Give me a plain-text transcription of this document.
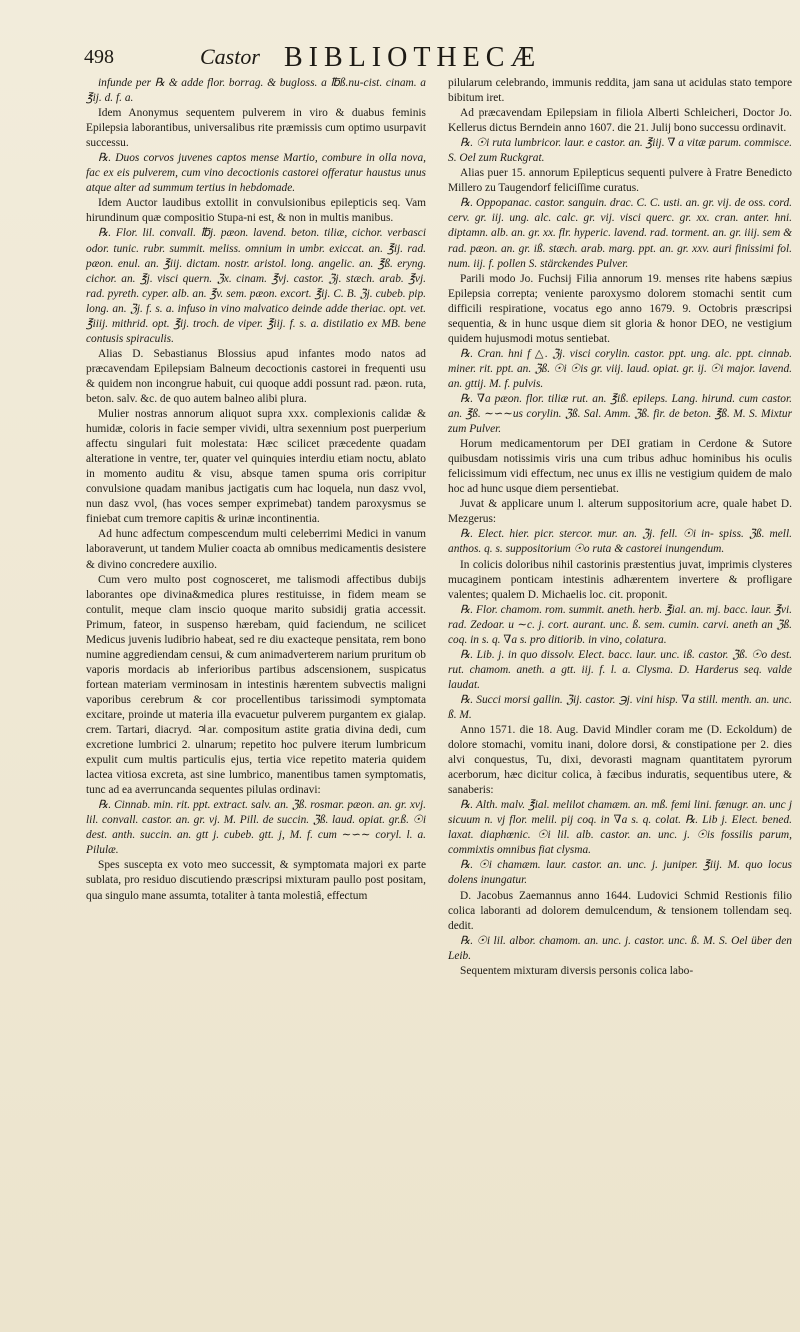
498	Castor BIBLIOTHECÆ

infunde per ℞ & adde flor. borrag. & bugloss. a ℔ß.nu-cist. cinam. a ℥ij. d. f. a.

Idem Anonymus sequentem pulverem in viro & duabus feminis Epilepsia laborantibus, universalibus rite præmissis cum optimo usurpavit successu.

℞. Duos corvos juvenes captos mense Martio, comburе in olla nova, fac ex eis pulverem, cum vino decoctionis castorei offeratur haustus unus atque alter ad summum tertius in hebdomade.

Idem Auctor laudibus extollit in convulsionibus epilepticis seq. Vam hirundinum quæ compositio Stupa-ni est, & non in multis manibus.

℞. Flor. lil. convall. ℔j. pæon. lavend. beton. tiliæ, cichor. verbasci odor. tunic. rubr. summit. meliss. omnium in umbr. exiccat. an. ℥ij. rad. pæon. enul. an. ℥iij. dictam. nostr. aristol. long. angelic. an. ℥ß. eryng. cichor. an. ℥j. visci quern. ℨx. cinam. ℥vj. castor. ℨj. stæch. arab. ℥vj. rad. pyreth. cyper. alb. an. ℥v. sem. pæon. excort. ℥ij. C. B. ℨj. cubeb. pip. long. an. ℨj. f. s. a. infuso in vino malvatico deinde adde theriac. opt. vet. ℥iiij. mithrid. opt. ℥ij. troch. de viper. ℥iij. f. s. a. distilatio ex MB. bene contusis spiraculis.

Alias D. Sebastianus Blossius apud infantes modo natos ad præcavendam Epilepsiam Balneum decoctionis castorei in frequenti usu & quidem non incongrue habuit, cui quoque addi possunt rad. pæon. ruta, beton. salv. &c. de quo autem balneo alibi plura.

Mulier nostras annorum aliquot supra xxx. complexionis calidæ & humidæ, coloris in facie semper vividi, ultra sexennium post puerperium affectu singulari fuit molestata: Hæc scilicet præcedente quadam alteratione in ventre, ter, quater vel quinquies interdiu etiam noctu, ablato in momento auditu & visu, absque tamen spuma oris corripitur convulsione quadam manibus jactigatis cum hac loquela, nun dasz vvol, nun dasz vvol, (has voces semper exprimebat) tandem paroxysmus se finiebat cum tremore capitis & urinæ incontinentia.

Ad hunc adfectum compescendum multi celeberrimi Medici in vanum laboraverunt, ut tandem Mulier coacta ab omnibus medicamentis desistere & divino concredere auxilio.

Cum vero multo post cognoscеret, me talismodi affectibus dubijs laborantes ope divina&medica plures restituisse, in fidem meam se contulit, meque clam insciо quoque marito subsidij gratia accessit. Primum, fateor, in suspenso hærebam, quid faciendum, ne scilicet Medicus juvenis ludibrio habeat, sed re diu exactеque pensitata, rem bono numine aggrediendam censui, & cum animadverterem narium pruritum ob vaporis mordacis ab inferioribus partibus adscensionem, suspicatus fortean materiam verminosam in intestinis hærentem subvectis maligni vaporibus cerebrum & cor procellentibus tarissimodi symptomata excitare, proinde ut materia illa evacuetur pulverem purgantem ex gialap. crem. Tartari, diacryd. ♃ar. compositum astite gratia divina dedi, cum excretione lumbrici 2. ulnarum; repetito hoc pulvere iterum lumbricum expulit cum multis particulis ejus, tertia vice repetito materia quidem lactea vitiosa excreta, ast sine lumbrico, manentibus tamen symptomatis, tunc ad ea averruncanda sequentes pilulas ordinavi:

℞. Cinnab. min. rit. ppt. extract. salv. an. ℨß. rosmar. pæon. an. gr. xvj. lil. convall. castor. an. gr. vj. M. Pill. de succin. ℨß. laud. opiat. gr.ß. ☉i dest. anth. succin. an. gtt j. cubeb. gtt. j, M. f. cum ∼∽∼ coryl. l. a. Pilulæ.

Spes suscepta ex voto meo successit, & symptomata majori ex parte sublata, pro residuo discutiendo præscripsi mixturam paullo post positam, qua singulo mane assumta, totaliter à tanta molestiâ, effectum

pilularum celebrando, immunis reddita, jam sana ut acidulas stato tempore bibitum iret.

Ad præcavendam Epilepsiam in filiola Alberti Schleicheri, Doctor Jo. Kellerus dictus Berndein anno 1607. die 21. Julij bono successu ordinavit.

℞. ☉i ruta lumbricor. laur. e castor. an. ℥iij. ∇ a vitæ parum. commisce. S. Oel zum Ruckgrat.

Alias puer 15. annorum Epilepticus sequenti pulvere à Fratre Benedicto Millero zu Taugendorf feliciſſime curatus.

℞. Oppopanac. castor. sanguin. drac. C. C. usti. an. gr. vij. de oss. cord. cerv. gr. iij. ung. alc. calc. gr. vij. visci querc. gr. xx. cran. anter. hni. diptamn. alb. an. gr. xx. flr. hyperic. lavend. rad. torment. an. gr. iiij. sem & rad. pæon. an. gr. iß. stæch. arab. marg. ppt. an. gr. xxv. auri finissimi fol. num. iij. f. pollen S. stärckendes Pulver.

Parili modo Jo. Fuchsij Filia annorum 19. menses rite habens sæpius Epilepsia correpta; veniente paroxysmo dolorem stomachi sentit cum difficili respiratione, vocatus ego anno 1679. 9. Octobris præscripsi sequentia, & in hunc usque diem sit gloria & honor DEO, ne vestigium quidem hujusmodi motus sentiebat.

℞. Cran. hni f △. ℨj. visci corylin. castor. ppt. ung. alc. ppt. cinnab. miner. rit. ppt. an. ℨß. ☉i ☉is gr. viij. laud. opiat. gr. ij. ☉i major. lavend. an. gttij. M. f. pulvis.

℞. ∇a pæon. flor. tiliæ rut. an. ℥iß. epileps. Lang. hirund. cum castor. an. ℥ß. ∼∽∼us corylin. ℨß. Sal. Amm. ℨß. fir. de beton. ℥ß. M. S. Mixtur zum Pulver.

Horum medicamentorum per DEI gratiam in Cerdone & Sutore quibusdam notissimis viris una cum tribus adhuc hominibus his oculis felicissimum vidi effectum, nec unus ex illis ne vestigium quidem de malo hoc ad hunc usque diem persentiebat.

Juvat & applicare unum l. alterum suppositorium acre, quale habet D. Mezgerus:

℞. Elect. hier. picr. stercor. mur. an. ℨj. fell. ☉i in- spiss. ℨß. mell. anthos. q. s. suppositorium ☉o ruta & castorei inungendum.

In colicis doloribus nihil castorinis præstentius juvat, imprimis clysteres mucaginem ponticam intestinis adhærentem invertere & profligare valentes; qualem D. Michaelis loc. cit. proponit.

℞. Flor. chamom. rom. summit. aneth. herb. ℥ial. an. mj. bacc. laur. ℥vi. rad. Zedoar. u ∼c. j. cort. aurant. unc. ß. sem. cumin. carvi. aneth an ℨß. coq. in s. q. ∇a s. pro ditiorib. in vino, colatura.

℞. Lib. j. in quo dissolv. Elect. bacc. laur. unc. iß. castor. ℨß. ☉o dest. rut. chamom. aneth. a gtt. iij. f. l. a. Clysma. D. Harderus seq. valde laudat.

℞. Succi morsi gallin. ℨij. castor. ℈j. vini hisp. ∇a still. menth. an. unc. ß. M.

Anno 1571. die 18. Aug. David Mindler coram me (D. Eckoldum) de dolore stomachi, vomitu inani, dolore dorsi, & constipatione per 2. dies alvi conquestus, Tu, dixi, devorasti magnam quantitatem pyrorum acerborum, hæc dicitur colica, à fæcibus induratis, sequentibus utere, & sanaberis:

℞. Alth. malv. ℥ial. melilot chamæm. an. mß. femi lini. fænugr. an. unc j sicuum n. vj flor. melil. pij coq. in ∇a s. q. colat. ℞. Lib j. Elect. bened. laxat. diaphœnic. ☉i lil. alb. castor. an. unc. j. ☉is fossilis parum, commixtis omnibus fiat clysma.

℞. ☉i chamæm. laur. castor. an. unc. j. juniper. ℥iij. M. quo locus dolens inungatur.

D. Jacobus Zaemannus anno 1644. Ludovici Schmid Restionis filio colica laboranti ad dolorem demulcendum, & tensionem tollendam seq. dedit.

℞. ☉i lil. albor. chamom. an. unc. j. castor. unc. ß. M. S. Oel über den Leib.

Sequentem mixturam diversis personis colica labo-
